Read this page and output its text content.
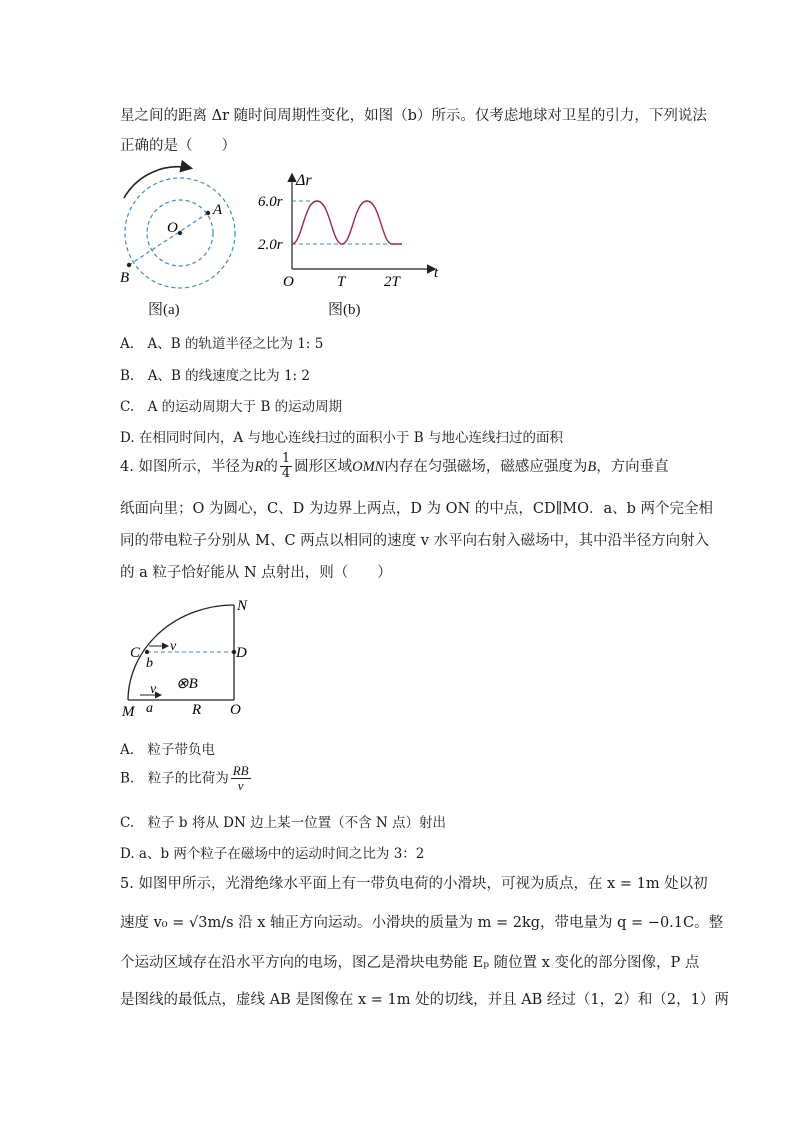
星之间的距离 Δr 随时间周期性变化，如图（b）所示。仅考虑地球对卫星的引力，下列说法
正确的是（　　）
O
A
B
图(a)
Δr
6.0r
2.0r
O	T	2T
t
图(b)
A.　A、B 的轨道半径之比为 1: 5
B.　A、B 的线速度之比为 1: 2
C.　A 的运动周期大于 B 的运动周期
D. 在相同时间内，A 与地心连线扫过的面积小于 B 与地心连线扫过的面积
4. 如图所示，半径为R的 $\frac{1}{4}$ 圆形区域OMN内存在匀强磁场，磁感应强度为B，方向垂直
纸面向里；O 为圆心，C、D 为边界上两点，D 为 ON 的中点，CD∥MO．a、b 两个完全相
同的带电粒子分别从 M、C 两点以相同的速度 v 水平向右射入磁场中，其中沿半径方向射入
的 a 粒子恰好能从 N 点射出，则（　　）
N
C	D
v
b
⊗B
v
M a	R O
A.　粒子带负电
B.　粒子的比荷为 $\frac{RB}{v}$
C.　粒子 b 将从 DN 边上某一位置（不含 N 点）射出
D. a、b 两个粒子在磁场中的运动时间之比为 3：2
5. 如图甲所示，光滑绝缘水平面上有一带负电荷的小滑块，可视为质点，在 x = 1m 处以初
速度 v₀ = √3m/s 沿 x 轴正方向运动。小滑块的质量为 m = 2kg，带电量为 q = −0.1C。整
个运动区域存在沿水平方向的电场，图乙是滑块电势能 Eₚ 随位置 x 变化的部分图像，P 点
是图线的最低点，虚线 AB 是图像在 x = 1m 处的切线，并且 AB 经过（1，2）和（2，1）两
